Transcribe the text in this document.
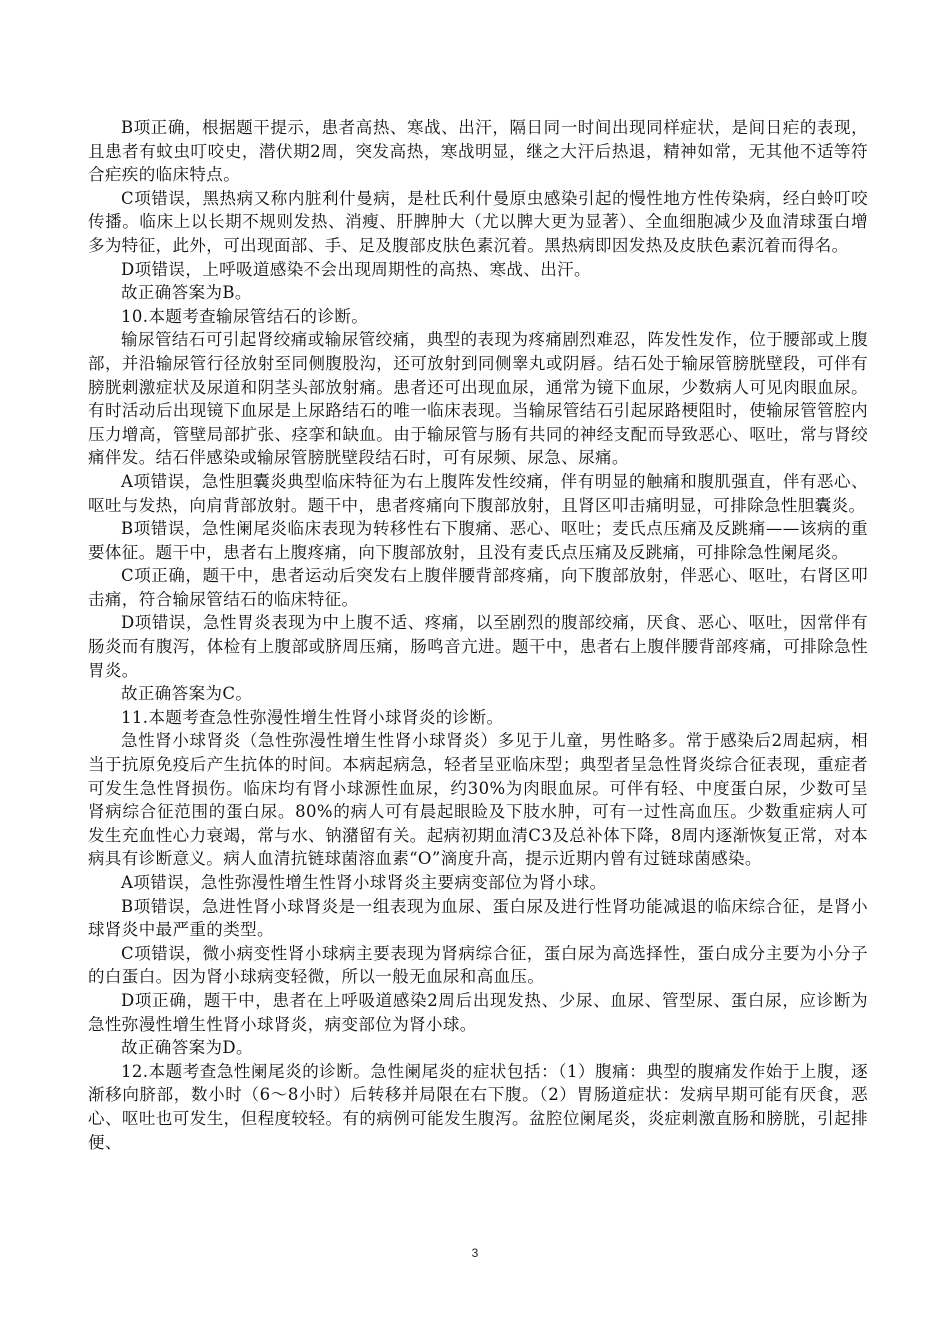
B项正确，根据题干提示，患者高热、寒战、出汗，隔日同一时间出现同样症状，是间日疟的表现，且患者有蚊虫叮咬史，潜伏期2周，突发高热，寒战明显，继之大汗后热退，精神如常，无其他不适等符合疟疾的临床特点。

C项错误，黑热病又称内脏利什曼病，是杜氏利什曼原虫感染引起的慢性地方性传染病，经白蛉叮咬传播。临床上以长期不规则发热、消瘦、肝脾肿大（尤以脾大更为显著）、全血细胞减少及血清球蛋白增多为特征，此外，可出现面部、手、足及腹部皮肤色素沉着。黑热病即因发热及皮肤色素沉着而得名。

D项错误，上呼吸道感染不会出现周期性的高热、寒战、出汗。

故正确答案为B。

10.本题考查输尿管结石的诊断。

输尿管结石可引起肾绞痛或输尿管绞痛，典型的表现为疼痛剧烈难忍，阵发性发作，位于腰部或上腹部，并沿输尿管行径放射至同侧腹股沟，还可放射到同侧睾丸或阴唇。结石处于输尿管膀胱壁段，可伴有膀胱刺激症状及尿道和阴茎头部放射痛。患者还可出现血尿，通常为镜下血尿，少数病人可见肉眼血尿。有时活动后出现镜下血尿是上尿路结石的唯一临床表现。当输尿管结石引起尿路梗阻时，使输尿管管腔内压力增高，管壁局部扩张、痉挛和缺血。由于输尿管与肠有共同的神经支配而导致恶心、呕吐，常与肾绞痛伴发。结石伴感染或输尿管膀胱壁段结石时，可有尿频、尿急、尿痛。

A项错误，急性胆囊炎典型临床特征为右上腹阵发性绞痛，伴有明显的触痛和腹肌强直，伴有恶心、呕吐与发热，向肩背部放射。题干中，患者疼痛向下腹部放射，且肾区叩击痛明显，可排除急性胆囊炎。

B项错误，急性阑尾炎临床表现为转移性右下腹痛、恶心、呕吐；麦氏点压痛及反跳痛——该病的重要体征。题干中，患者右上腹疼痛，向下腹部放射，且没有麦氏点压痛及反跳痛，可排除急性阑尾炎。

C项正确，题干中，患者运动后突发右上腹伴腰背部疼痛，向下腹部放射，伴恶心、呕吐，右肾区叩击痛，符合输尿管结石的临床特征。

D项错误，急性胃炎表现为中上腹不适、疼痛，以至剧烈的腹部绞痛，厌食、恶心、呕吐，因常伴有肠炎而有腹泻，体检有上腹部或脐周压痛，肠鸣音亢进。题干中，患者右上腹伴腰背部疼痛，可排除急性胃炎。

故正确答案为C。

11.本题考查急性弥漫性增生性肾小球肾炎的诊断。

急性肾小球肾炎（急性弥漫性增生性肾小球肾炎）多见于儿童，男性略多。常于感染后2周起病，相当于抗原免疫后产生抗体的时间。本病起病急，轻者呈亚临床型；典型者呈急性肾炎综合征表现，重症者可发生急性肾损伤。临床均有肾小球源性血尿，约30%为肉眼血尿。可伴有轻、中度蛋白尿，少数可呈肾病综合征范围的蛋白尿。80%的病人可有晨起眼睑及下肢水肿，可有一过性高血压。少数重症病人可发生充血性心力衰竭，常与水、钠潴留有关。起病初期血清C3及总补体下降，8周内逐渐恢复正常，对本病具有诊断意义。病人血清抗链球菌溶血素“O”滴度升高，提示近期内曾有过链球菌感染。

A项错误，急性弥漫性增生性肾小球肾炎主要病变部位为肾小球。

B项错误，急进性肾小球肾炎是一组表现为血尿、蛋白尿及进行性肾功能减退的临床综合征，是肾小球肾炎中最严重的类型。

C项错误，微小病变性肾小球病主要表现为肾病综合征，蛋白尿为高选择性，蛋白成分主要为小分子的白蛋白。因为肾小球病变轻微，所以一般无血尿和高血压。

D项正确，题干中，患者在上呼吸道感染2周后出现发热、少尿、血尿、管型尿、蛋白尿，应诊断为急性弥漫性增生性肾小球肾炎，病变部位为肾小球。

故正确答案为D。

12.本题考查急性阑尾炎的诊断。急性阑尾炎的症状包括：（1）腹痛：典型的腹痛发作始于上腹，逐渐移向脐部，数小时（6～8小时）后转移并局限在右下腹。（2）胃肠道症状：发病早期可能有厌食，恶心、呕吐也可发生，但程度较轻。有的病例可能发生腹泻。盆腔位阑尾炎，炎症刺激直肠和膀胱，引起排便、

3
